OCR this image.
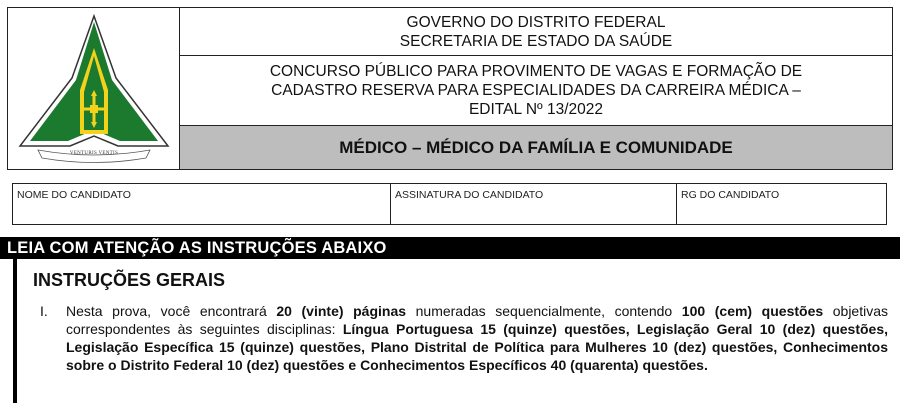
VENTURIS VENTIS
GOVERNO DO DISTRITO FEDERAL
SECRETARIA DE ESTADO DA SAÚDE
CONCURSO PÚBLICO PARA PROVIMENTO DE VAGAS E FORMAÇÃO DE
CADASTRO RESERVA PARA ESPECIALIDADES DA CARREIRA MÉDICA –
EDITAL Nº 13/2022
MÉDICO – MÉDICO DA FAMÍLIA E COMUNIDADE
NOME DO CANDIDATO	ASSINATURA DO CANDIDATO	RG DO CANDIDATO
LEIA COM ATENÇÃO AS INSTRUÇÕES ABAIXO
INSTRUÇÕES GERAIS
I. Nesta prova, você encontrará 20 (vinte) páginas numeradas sequencialmente, contendo 100 (cem) questões objetivas correspondentes às seguintes disciplinas: Língua Portuguesa 15 (quinze) questões, Legislação Geral 10 (dez) questões, Legislação Específica 15 (quinze) questões, Plano Distrital de Política para Mulheres 10 (dez) questões, Conhecimentos sobre o Distrito Federal 10 (dez) questões e Conhecimentos Específicos 40 (quarenta) questões.
